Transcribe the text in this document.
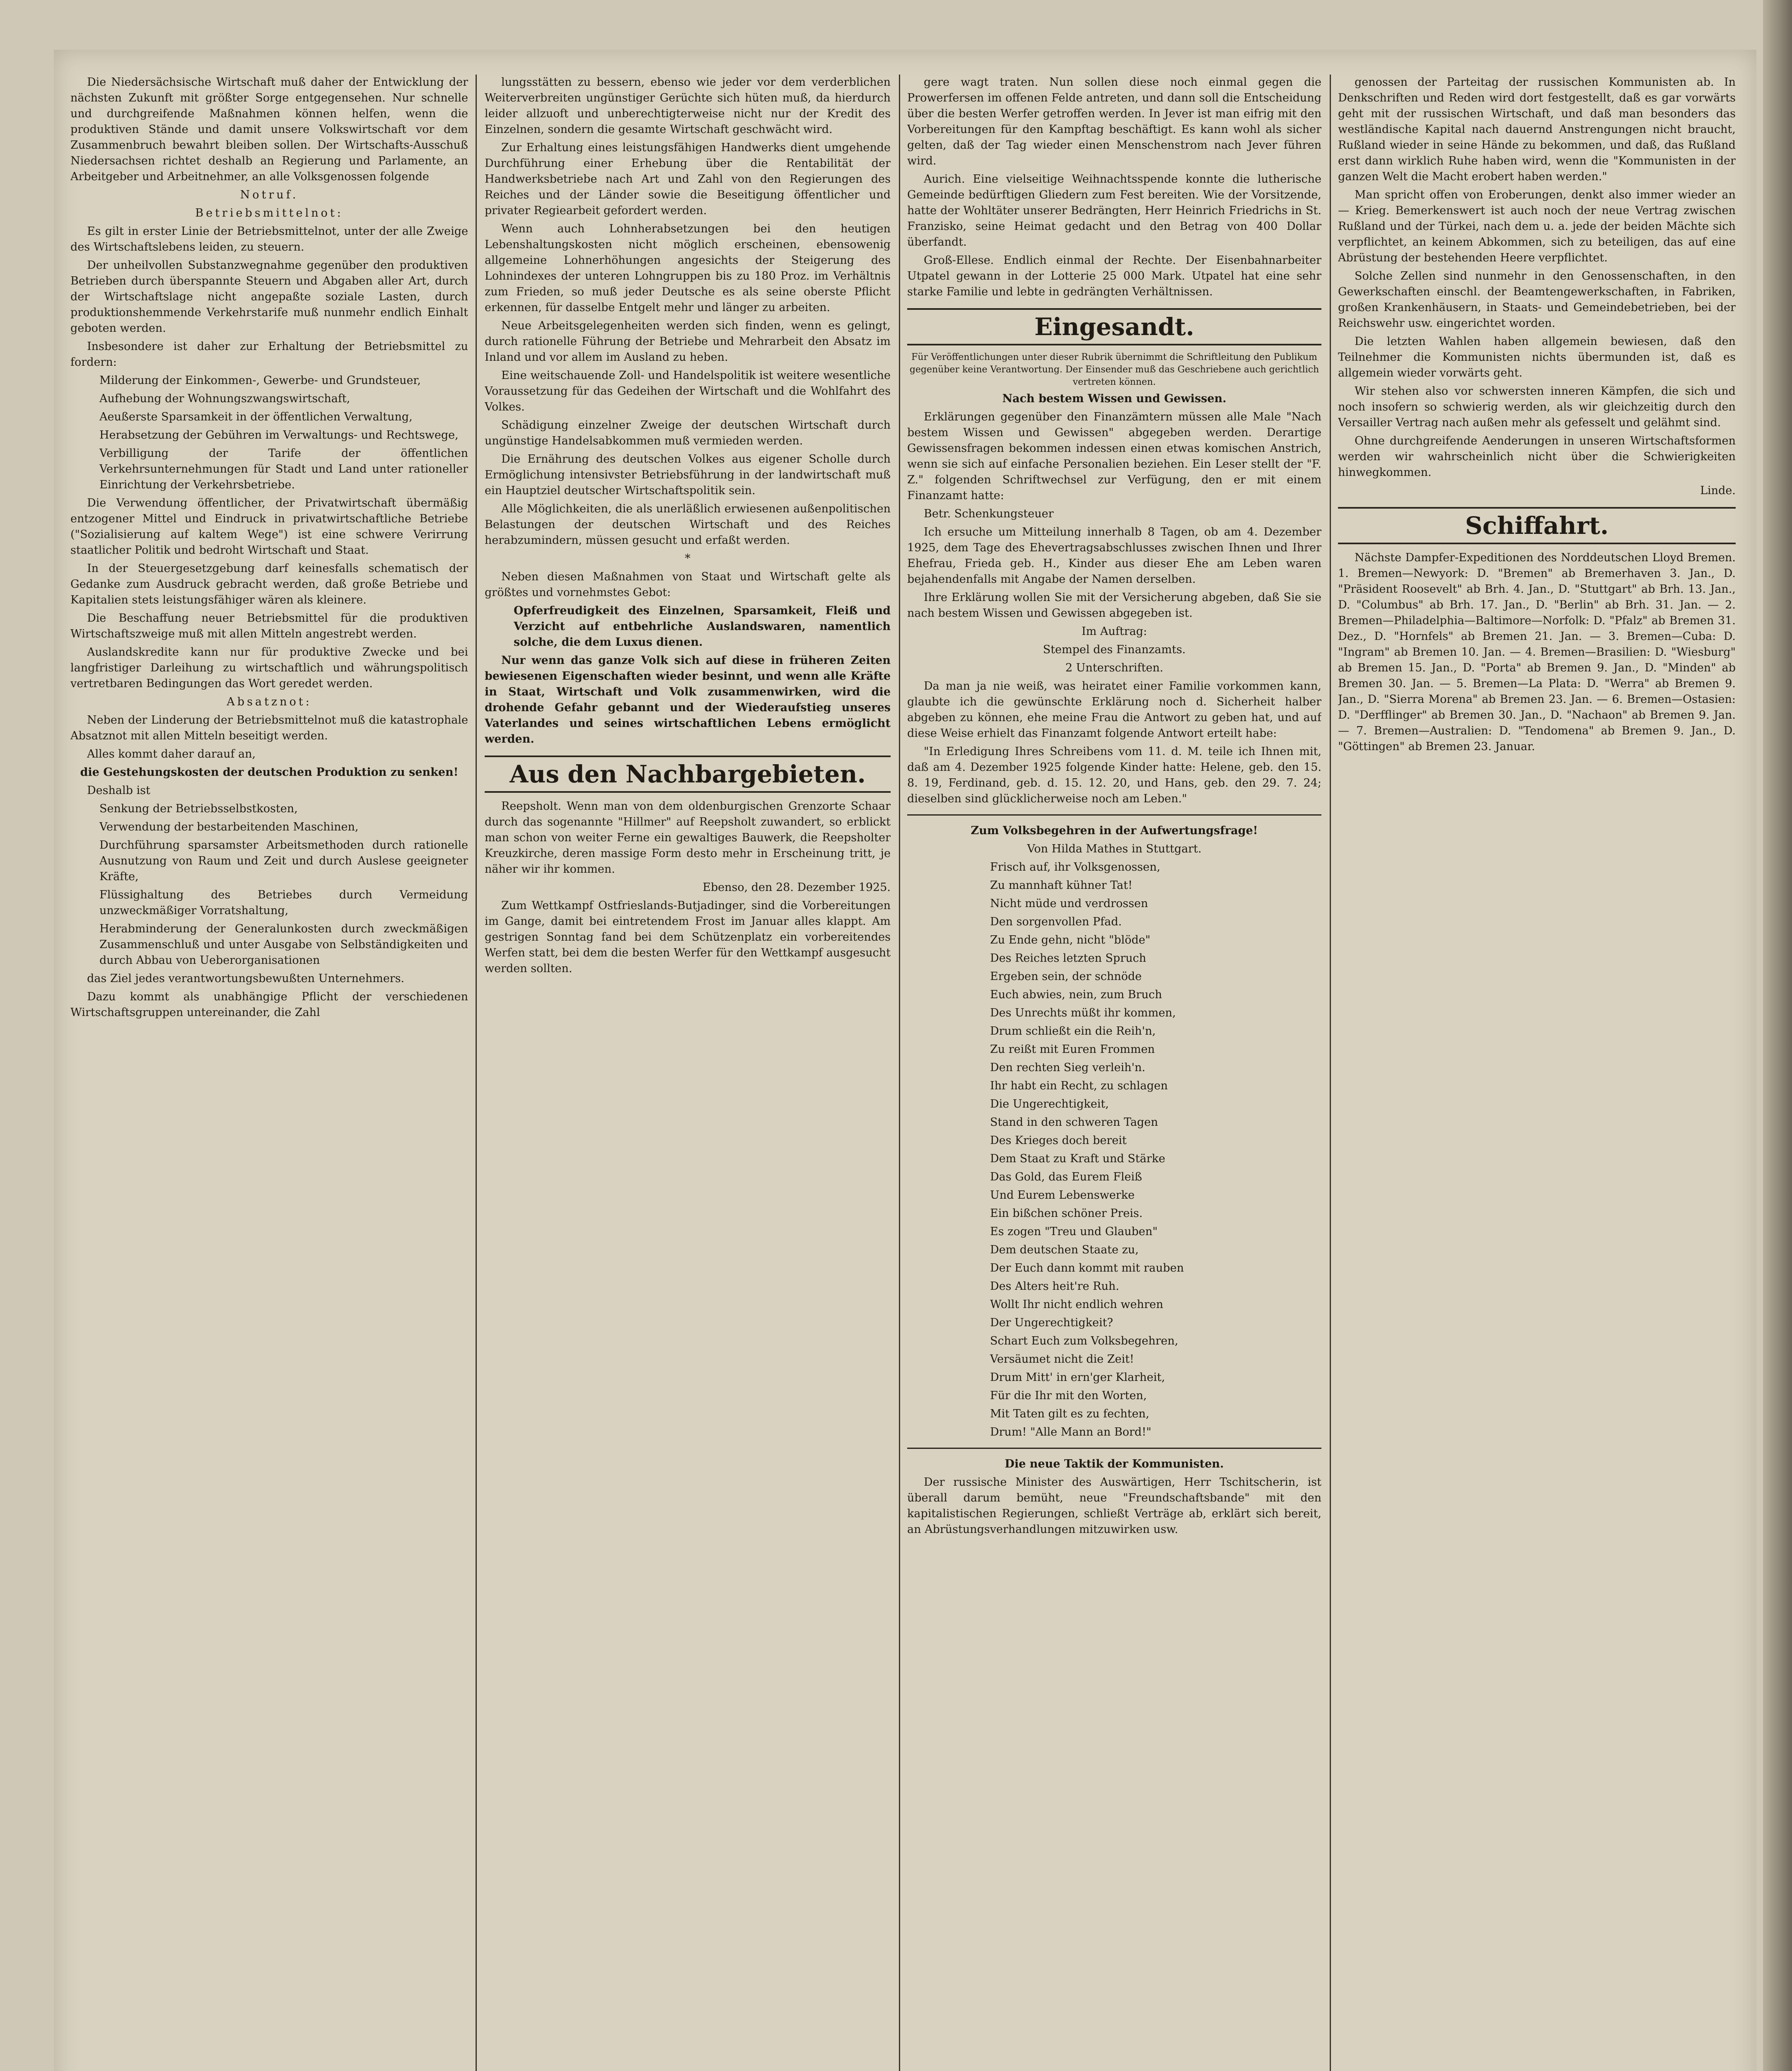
Die Niedersächsische Wirtschaft muß daher der Entwicklung der nächsten Zukunft mit größter Sorge entgegensehen. Nur schnelle und durchgreifende Maßnahmen können helfen, wenn die produktiven Stände und damit unsere Volkswirtschaft vor dem Zusammenbruch bewahrt bleiben sollen. Der Wirtschafts-Ausschuß Niedersachsen richtet deshalb an Regierung und Parlamente, an Arbeitgeber und Arbeitnehmer, an alle Volksgenossen folgende

Notruf.

Betriebsmittelnot:

Es gilt in erster Linie der Betriebsmittelnot, unter der alle Zweige des Wirtschaftslebens leiden, zu steuern.

Der unheilvollen Substanzwegnahme gegenüber den produktiven Betrieben durch überspannte Steuern und Abgaben aller Art, durch der Wirtschaftslage nicht angepaßte soziale Lasten, durch produktionshemmende Verkehrstarife muß nunmehr endlich Einhalt geboten werden.

Insbesondere ist daher zur Erhaltung der Betriebsmittel zu fordern:

Milderung der Einkommen-, Gewerbe- und Grundsteuer,

Aufhebung der Wohnungszwangswirtschaft,

Aeußerste Sparsamkeit in der öffentlichen Verwaltung,

Herabsetzung der Gebühren im Verwaltungs- und Rechtswege,

Verbilligung der Tarife der öffentlichen Verkehrsunternehmungen für Stadt und Land unter rationeller Einrichtung der Verkehrsbetriebe.

Die Verwendung öffentlicher, der Privatwirtschaft übermäßig entzogener Mittel und Eindruck in privatwirtschaftliche Betriebe ("Sozialisierung auf kaltem Wege") ist eine schwere Verirrung staatlicher Politik und bedroht Wirtschaft und Staat.

In der Steuergesetzgebung darf keinesfalls schematisch der Gedanke zum Ausdruck gebracht werden, daß große Betriebe und Kapitalien stets leistungsfähiger wären als kleinere.

Die Beschaffung neuer Betriebsmittel für die produktiven Wirtschaftszweige muß mit allen Mitteln angestrebt werden.

Auslandskredite kann nur für produktive Zwecke und bei langfristiger Darleihung zu wirtschaftlich und währungspolitisch vertretbaren Bedingungen das Wort geredet werden.

Absatznot:

Neben der Linderung der Betriebsmittelnot muß die katastrophale Absatznot mit allen Mitteln beseitigt werden.

Alles kommt daher darauf an,

die Gestehungskosten der deutschen Produktion zu senken!

Deshalb ist

Senkung der Betriebsselbstkosten,

Verwendung der bestarbeitenden Maschinen,

Durchführung sparsamster Arbeitsmethoden durch rationelle Ausnutzung von Raum und Zeit und durch Auslese geeigneter Kräfte,

Flüssighaltung des Betriebes durch Vermeidung unzweckmäßiger Vorratshaltung,

Herabminderung der Generalunkosten durch zweckmäßigen Zusammenschluß und unter Ausgabe von Selbständigkeiten und durch Abbau von Ueberorganisationen

das Ziel jedes verantwortungsbewußten Unternehmers.

Dazu kommt als unabhängige Pflicht der verschiedenen Wirtschaftsgruppen untereinander, die Zahl

lungsstätten zu bessern, ebenso wie jeder vor dem verderblichen Weiterverbreiten ungünstiger Gerüchte sich hüten muß, da hierdurch leider allzuoft und unberechtigterweise nicht nur der Kredit des Einzelnen, sondern die gesamte Wirtschaft geschwächt wird.

Zur Erhaltung eines leistungsfähigen Handwerks dient umgehende Durchführung einer Erhebung über die Rentabilität der Handwerksbetriebe nach Art und Zahl von den Regierungen des Reiches und der Länder sowie die Beseitigung öffentlicher und privater Regiearbeit gefordert werden.

Wenn auch Lohnherabsetzungen bei den heutigen Lebenshaltungskosten nicht möglich erscheinen, ebensowenig allgemeine Lohnerhöhungen angesichts der Steigerung des Lohnindexes der unteren Lohngruppen bis zu 180 Proz. im Verhältnis zum Frieden, so muß jeder Deutsche es als seine oberste Pflicht erkennen, für dasselbe Entgelt mehr und länger zu arbeiten.

Neue Arbeitsgelegenheiten werden sich finden, wenn es gelingt, durch rationelle Führung der Betriebe und Mehrarbeit den Absatz im Inland und vor allem im Ausland zu heben.

Eine weitschauende Zoll- und Handelspolitik ist weitere wesentliche Voraussetzung für das Gedeihen der Wirtschaft und die Wohlfahrt des Volkes.

Schädigung einzelner Zweige der deutschen Wirtschaft durch ungünstige Handelsabkommen muß vermieden werden.

Die Ernährung des deutschen Volkes aus eigener Scholle durch Ermöglichung intensivster Betriebsführung in der landwirtschaft muß ein Hauptziel deutscher Wirtschaftspolitik sein.

Alle Möglichkeiten, die als unerläßlich erwiesenen außenpolitischen Belastungen der deutschen Wirtschaft und des Reiches herabzumindern, müssen gesucht und erfaßt werden.

*

Neben diesen Maßnahmen von Staat und Wirtschaft gelte als größtes und vornehmstes Gebot:

Opferfreudigkeit des Einzelnen, Sparsamkeit, Fleiß und Verzicht auf entbehrliche Auslandswaren, namentlich solche, die dem Luxus dienen.

Nur wenn das ganze Volk sich auf diese in früheren Zeiten bewiesenen Eigenschaften wieder besinnt, und wenn alle Kräfte in Staat, Wirtschaft und Volk zusammenwirken, wird die drohende Gefahr gebannt und der Wiederaufstieg unseres Vaterlandes und seines wirtschaftlichen Lebens ermöglicht werden.

Aus den Nachbargebieten.

Reepsholt. Wenn man von dem oldenburgischen Grenzorte Schaar durch das sogenannte "Hillmer" auf Reepsholt zuwandert, so erblickt man schon von weiter Ferne ein gewaltiges Bauwerk, die Reepsholter Kreuzkirche, deren massige Form desto mehr in Erscheinung tritt, je näher wir ihr kommen.

Ebenso, den 28. Dezember 1925.

Zum Wettkampf Ostfrieslands-Butjadinger, sind die Vorbereitungen im Gange, damit bei eintretendem Frost im Januar alles klappt. Am gestrigen Sonntag fand bei dem Schützenplatz ein vorbereitendes Werfen statt, bei dem die besten Werfer für den Wettkampf ausgesucht werden sollten.

gere wagt traten. Nun sollen diese noch einmal gegen die Prowerfersen im offenen Felde antreten, und dann soll die Entscheidung über die besten Werfer getroffen werden. In Jever ist man eifrig mit den Vorbereitungen für den Kampftag beschäftigt. Es kann wohl als sicher gelten, daß der Tag wieder einen Menschenstrom nach Jever führen wird.

Aurich. Eine vielseitige Weihnachtsspende konnte die lutherische Gemeinde bedürftigen Gliedern zum Fest bereiten. Wie der Vorsitzende, hatte der Wohltäter unserer Bedrängten, Herr Heinrich Friedrichs in St. Franzisko, seine Heimat gedacht und den Betrag von 400 Dollar überfandt.

Groß-Ellese. Endlich einmal der Rechte. Der Eisenbahnarbeiter Utpatel gewann in der Lotterie 25 000 Mark. Utpatel hat eine sehr starke Familie und lebte in gedrängten Verhältnissen.

Eingesandt.

Für Veröffentlichungen unter dieser Rubrik übernimmt die Schriftleitung den Publikum gegenüber keine Verantwortung. Der Einsender muß das Geschriebene auch gerichtlich vertreten können.

Nach bestem Wissen und Gewissen.

Erklärungen gegenüber den Finanzämtern müssen alle Male "Nach bestem Wissen und Gewissen" abgegeben werden. Derartige Gewissensfragen bekommen indessen einen etwas komischen Anstrich, wenn sie sich auf einfache Personalien beziehen. Ein Leser stellt der "F. Z." folgenden Schriftwechsel zur Verfügung, den er mit einem Finanzamt hatte:

Betr. Schenkungsteuer

Ich ersuche um Mitteilung innerhalb 8 Tagen, ob am 4. Dezember 1925, dem Tage des Ehevertragsabschlusses zwischen Ihnen und Ihrer Ehefrau, Frieda geb. H., Kinder aus dieser Ehe am Leben waren bejahendenfalls mit Angabe der Namen derselben.

Ihre Erklärung wollen Sie mit der Versicherung abgeben, daß Sie sie nach bestem Wissen und Gewissen abgegeben ist.

Im Auftrag:

Stempel des Finanzamts.

2 Unterschriften.

Da man ja nie weiß, was heiratet einer Familie vorkommen kann, glaubte ich die gewünschte Erklärung noch d. Sicherheit halber abgeben zu können, ehe meine Frau die Antwort zu geben hat, und auf diese Weise erhielt das Finanzamt folgende Antwort erteilt habe:

"In Erledigung Ihres Schreibens vom 11. d. M. teile ich Ihnen mit, daß am 4. Dezember 1925 folgende Kinder hatte: Helene, geb. den 15. 8. 19, Ferdinand, geb. d. 15. 12. 20, und Hans, geb. den 29. 7. 24; dieselben sind glücklicherweise noch am Leben."

Zum Volksbegehren in der Aufwertungsfrage!

Von Hilda Mathes in Stuttgart.

Frisch auf, ihr Volksgenossen,

Zu mannhaft kühner Tat!

Nicht müde und verdrossen

Den sorgenvollen Pfad.

Zu Ende gehn, nicht "blöde"

Des Reiches letzten Spruch

Ergeben sein, der schnöde

Euch abwies, nein, zum Bruch

Des Unrechts müßt ihr kommen,

Drum schließt ein die Reih'n,

Zu reißt mit Euren Frommen

Den rechten Sieg verleih'n.

Ihr habt ein Recht, zu schlagen

Die Ungerechtigkeit,

Stand in den schweren Tagen

Des Krieges doch bereit

Dem Staat zu Kraft und Stärke

Das Gold, das Eurem Fleiß

Und Eurem Lebenswerke

Ein bißchen schöner Preis.

Es zogen "Treu und Glauben"

Dem deutschen Staate zu,

Der Euch dann kommt mit rauben

Des Alters heit're Ruh.

Wollt Ihr nicht endlich wehren

Der Ungerechtigkeit?

Schart Euch zum Volksbegehren,

Versäumet nicht die Zeit!

Drum Mitt' in ern'ger Klarheit,

Für die Ihr mit den Worten,

Mit Taten gilt es zu fechten,

Drum! "Alle Mann an Bord!"

Die neue Taktik der Kommunisten.

Der russische Minister des Auswärtigen, Herr Tschitscherin, ist überall darum bemüht, neue "Freundschaftsbande" mit den kapitalistischen Regierungen, schließt Verträge ab, erklärt sich bereit, an Abrüstungsverhandlungen mitzuwirken usw.

genossen der Parteitag der russischen Kommunisten ab. In Denkschriften und Reden wird dort festgestellt, daß es gar vorwärts geht mit der russischen Wirtschaft, und daß man besonders das westländische Kapital nach dauernd Anstrengungen nicht braucht, Rußland wieder in seine Hände zu bekommen, und daß, das Rußland erst dann wirklich Ruhe haben wird, wenn die "Kommunisten in der ganzen Welt die Macht erobert haben werden."

Man spricht offen von Eroberungen, denkt also immer wieder an — Krieg. Bemerkenswert ist auch noch der neue Vertrag zwischen Rußland und der Türkei, nach dem u. a. jede der beiden Mächte sich verpflichtet, an keinem Abkommen, sich zu beteiligen, das auf eine Abrüstung der bestehenden Heere verpflichtet.

Solche Zellen sind nunmehr in den Genossenschaften, in den Gewerkschaften einschl. der Beamtengewerkschaften, in Fabriken, großen Krankenhäusern, in Staats- und Gemeindebetrieben, bei der Reichswehr usw. eingerichtet worden.

Die letzten Wahlen haben allgemein bewiesen, daß den Teilnehmer die Kommunisten nichts übermunden ist, daß es allgemein wieder vorwärts geht.

Wir stehen also vor schwersten inneren Kämpfen, die sich und noch insofern so schwierig werden, als wir gleichzeitig durch den Versailler Vertrag nach außen mehr als gefesselt und gelähmt sind.

Ohne durchgreifende Aenderungen in unseren Wirtschaftsformen werden wir wahrscheinlich nicht über die Schwierigkeiten hinwegkommen.

Linde.

Schiffahrt.

Nächste Dampfer-Expeditionen des Norddeutschen Lloyd Bremen. 1. Bremen—Newyork: D. "Bremen" ab Bremerhaven 3. Jan., D. "Präsident Roosevelt" ab Brh. 4. Jan., D. "Stuttgart" ab Brh. 13. Jan., D. "Columbus" ab Brh. 17. Jan., D. "Berlin" ab Brh. 31. Jan. — 2. Bremen—Philadelphia—Baltimore—Norfolk: D. "Pfalz" ab Bremen 31. Dez., D. "Hornfels" ab Bremen 21. Jan. — 3. Bremen—Cuba: D. "Ingram" ab Bremen 10. Jan. — 4. Bremen—Brasilien: D. "Wiesburg" ab Bremen 15. Jan., D. "Porta" ab Bremen 9. Jan., D. "Minden" ab Bremen 30. Jan. — 5. Bremen—La Plata: D. "Werra" ab Bremen 9. Jan., D. "Sierra Morena" ab Bremen 23. Jan. — 6. Bremen—Ostasien: D. "Derfflinger" ab Bremen 30. Jan., D. "Nachaon" ab Bremen 9. Jan. — 7. Bremen—Australien: D. "Tendomena" ab Bremen 9. Jan., D. "Göttingen" ab Bremen 23. Januar.
